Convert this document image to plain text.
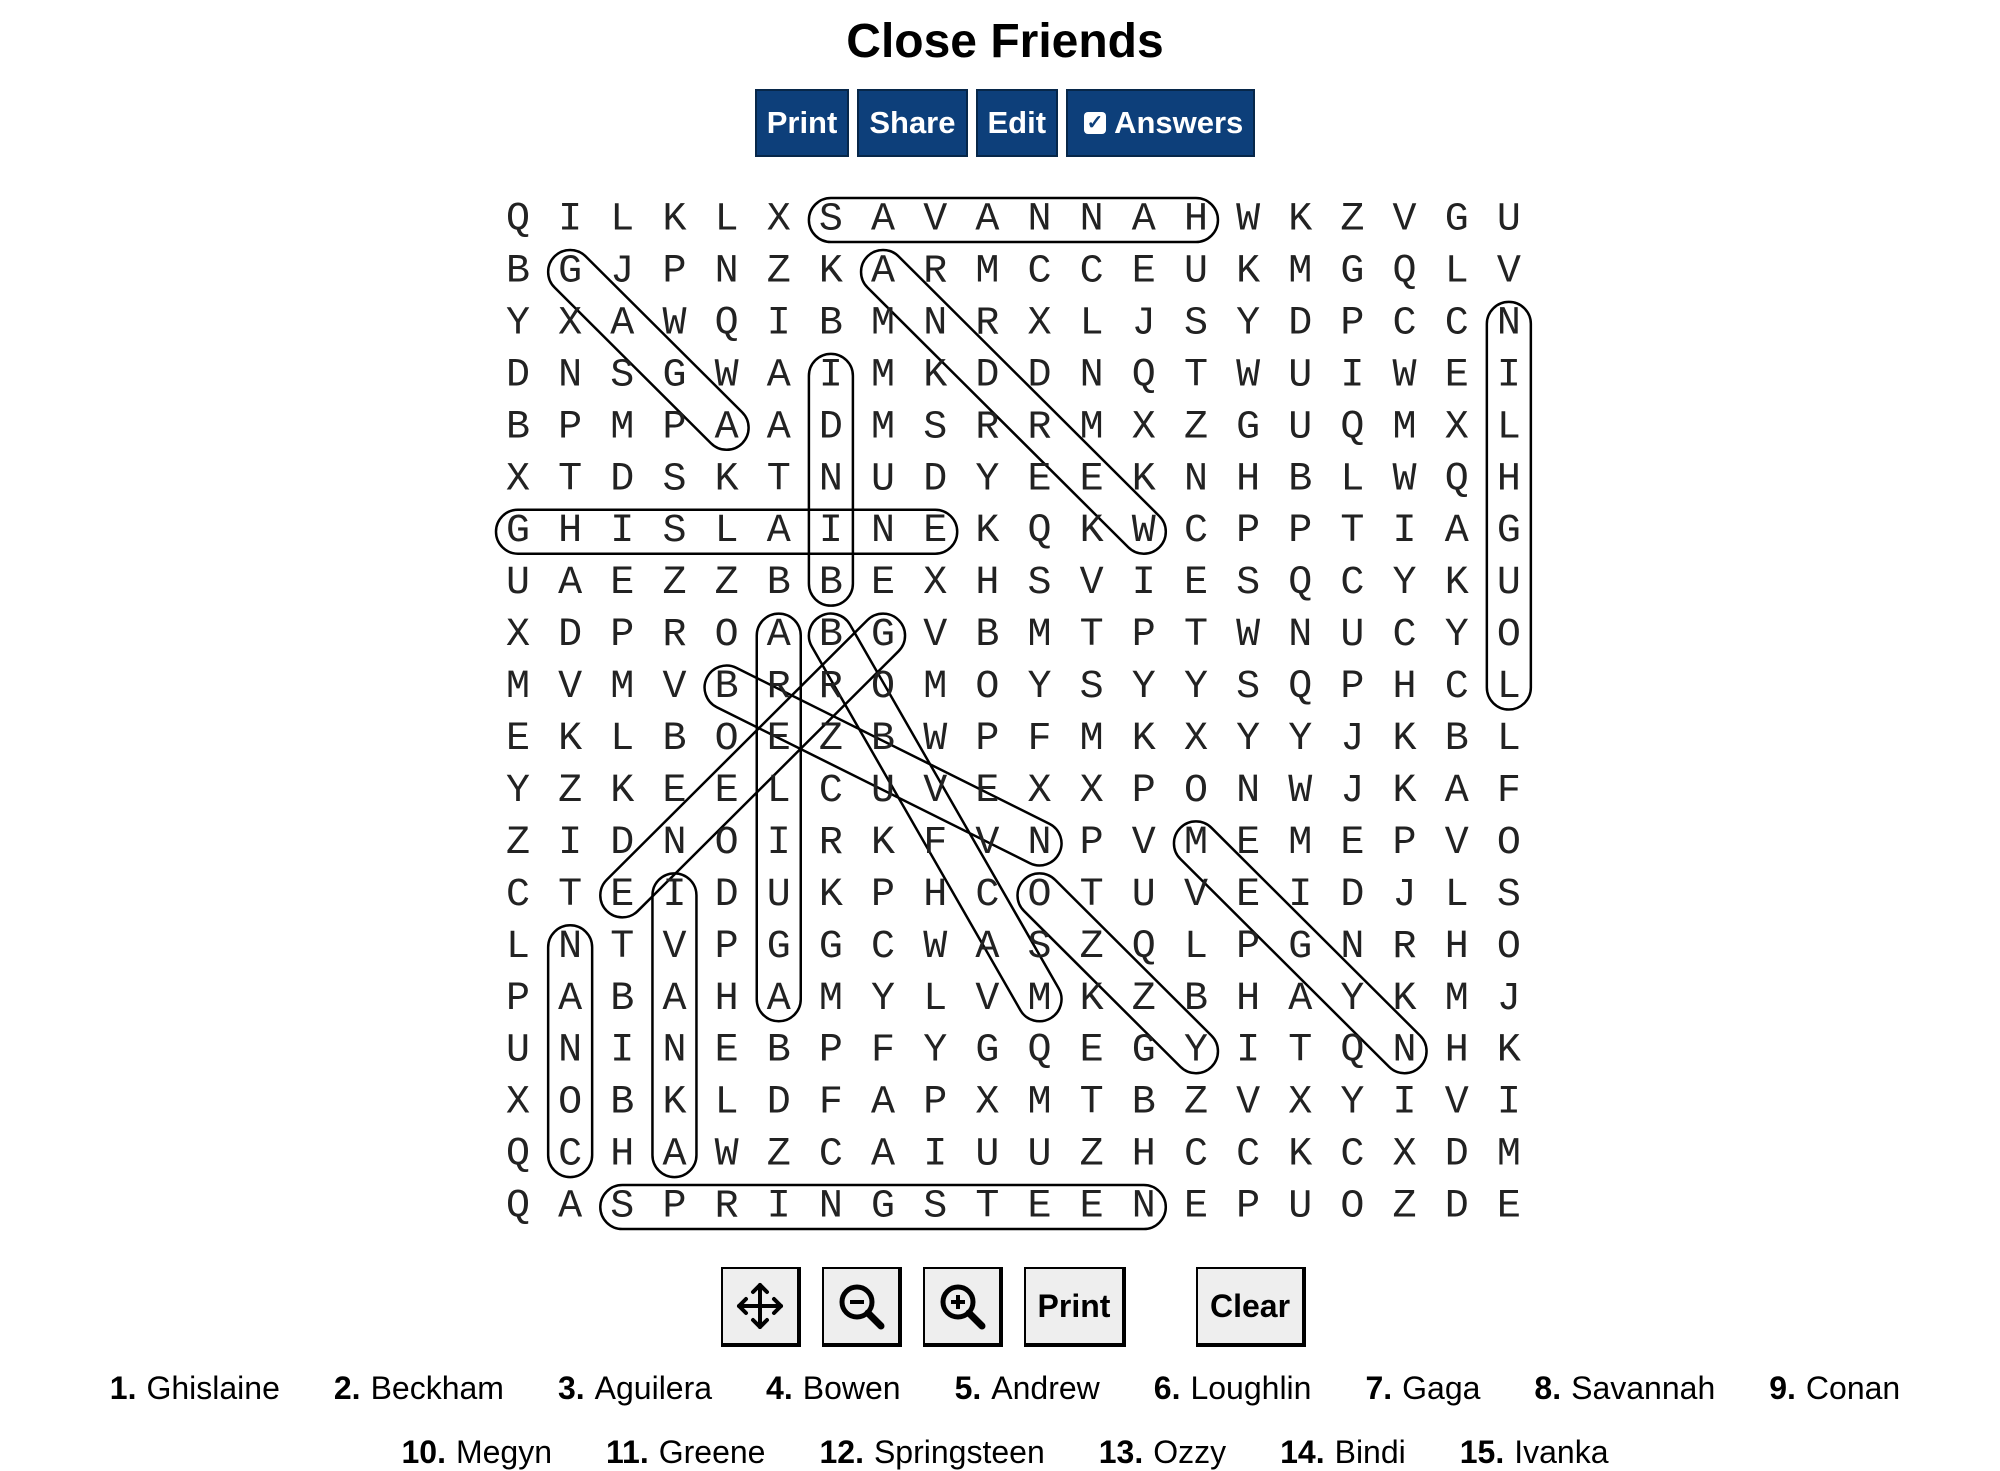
Close Friends
Print	Share	Edit	✓ Answers
Q I L K L X S A V A N N A H W K Z V G U
B G J P N Z K A R M C C E U K M G Q L V
Y X A W Q I B M N R X L J S Y D P C C N
D N S G W A I M K D D N Q T W U I W E I
B P M P A A D M S R R M X Z G U Q M X L
X T D S K T N U D Y E E K N H B L W Q H
G H I S L A I N E K Q K W C P P T I A G
U A E Z Z B B E X H S V I E S Q C Y K U
X D P R O A B G V B M T P T W N U C Y O
M V M V B R R O M O Y S Y Y S Q P H C L
E K L B O E Z B W P F M K X Y Y J K B L
Y Z K E E L C U V E X X P O N W J K A F
Z I D N O I R K F V N P V M E M E P V O
C T E I D U K P H C O T U V E I D J L S
L N T V P G G C W A S Z Q L P G N R H O
P A B A H A M Y L V M K Z B H A Y K M J
U N I N E B P F Y G Q E G Y I T Q N H K
X O B K L D F A P X M T B Z V X Y I V I
Q C H A W Z C A I U U Z H C C K C X D M
Q A S P R I N G S T E E N E P U O Z D E
Print	Clear
1. Ghislaine 2. Beckham 3. Aguilera 4. Bowen 5. Andrew 6. Loughlin 7. Gaga 8. Savannah 9. Conan
10. Megyn 11. Greene 12. Springsteen 13. Ozzy 14. Bindi 15. Ivanka
